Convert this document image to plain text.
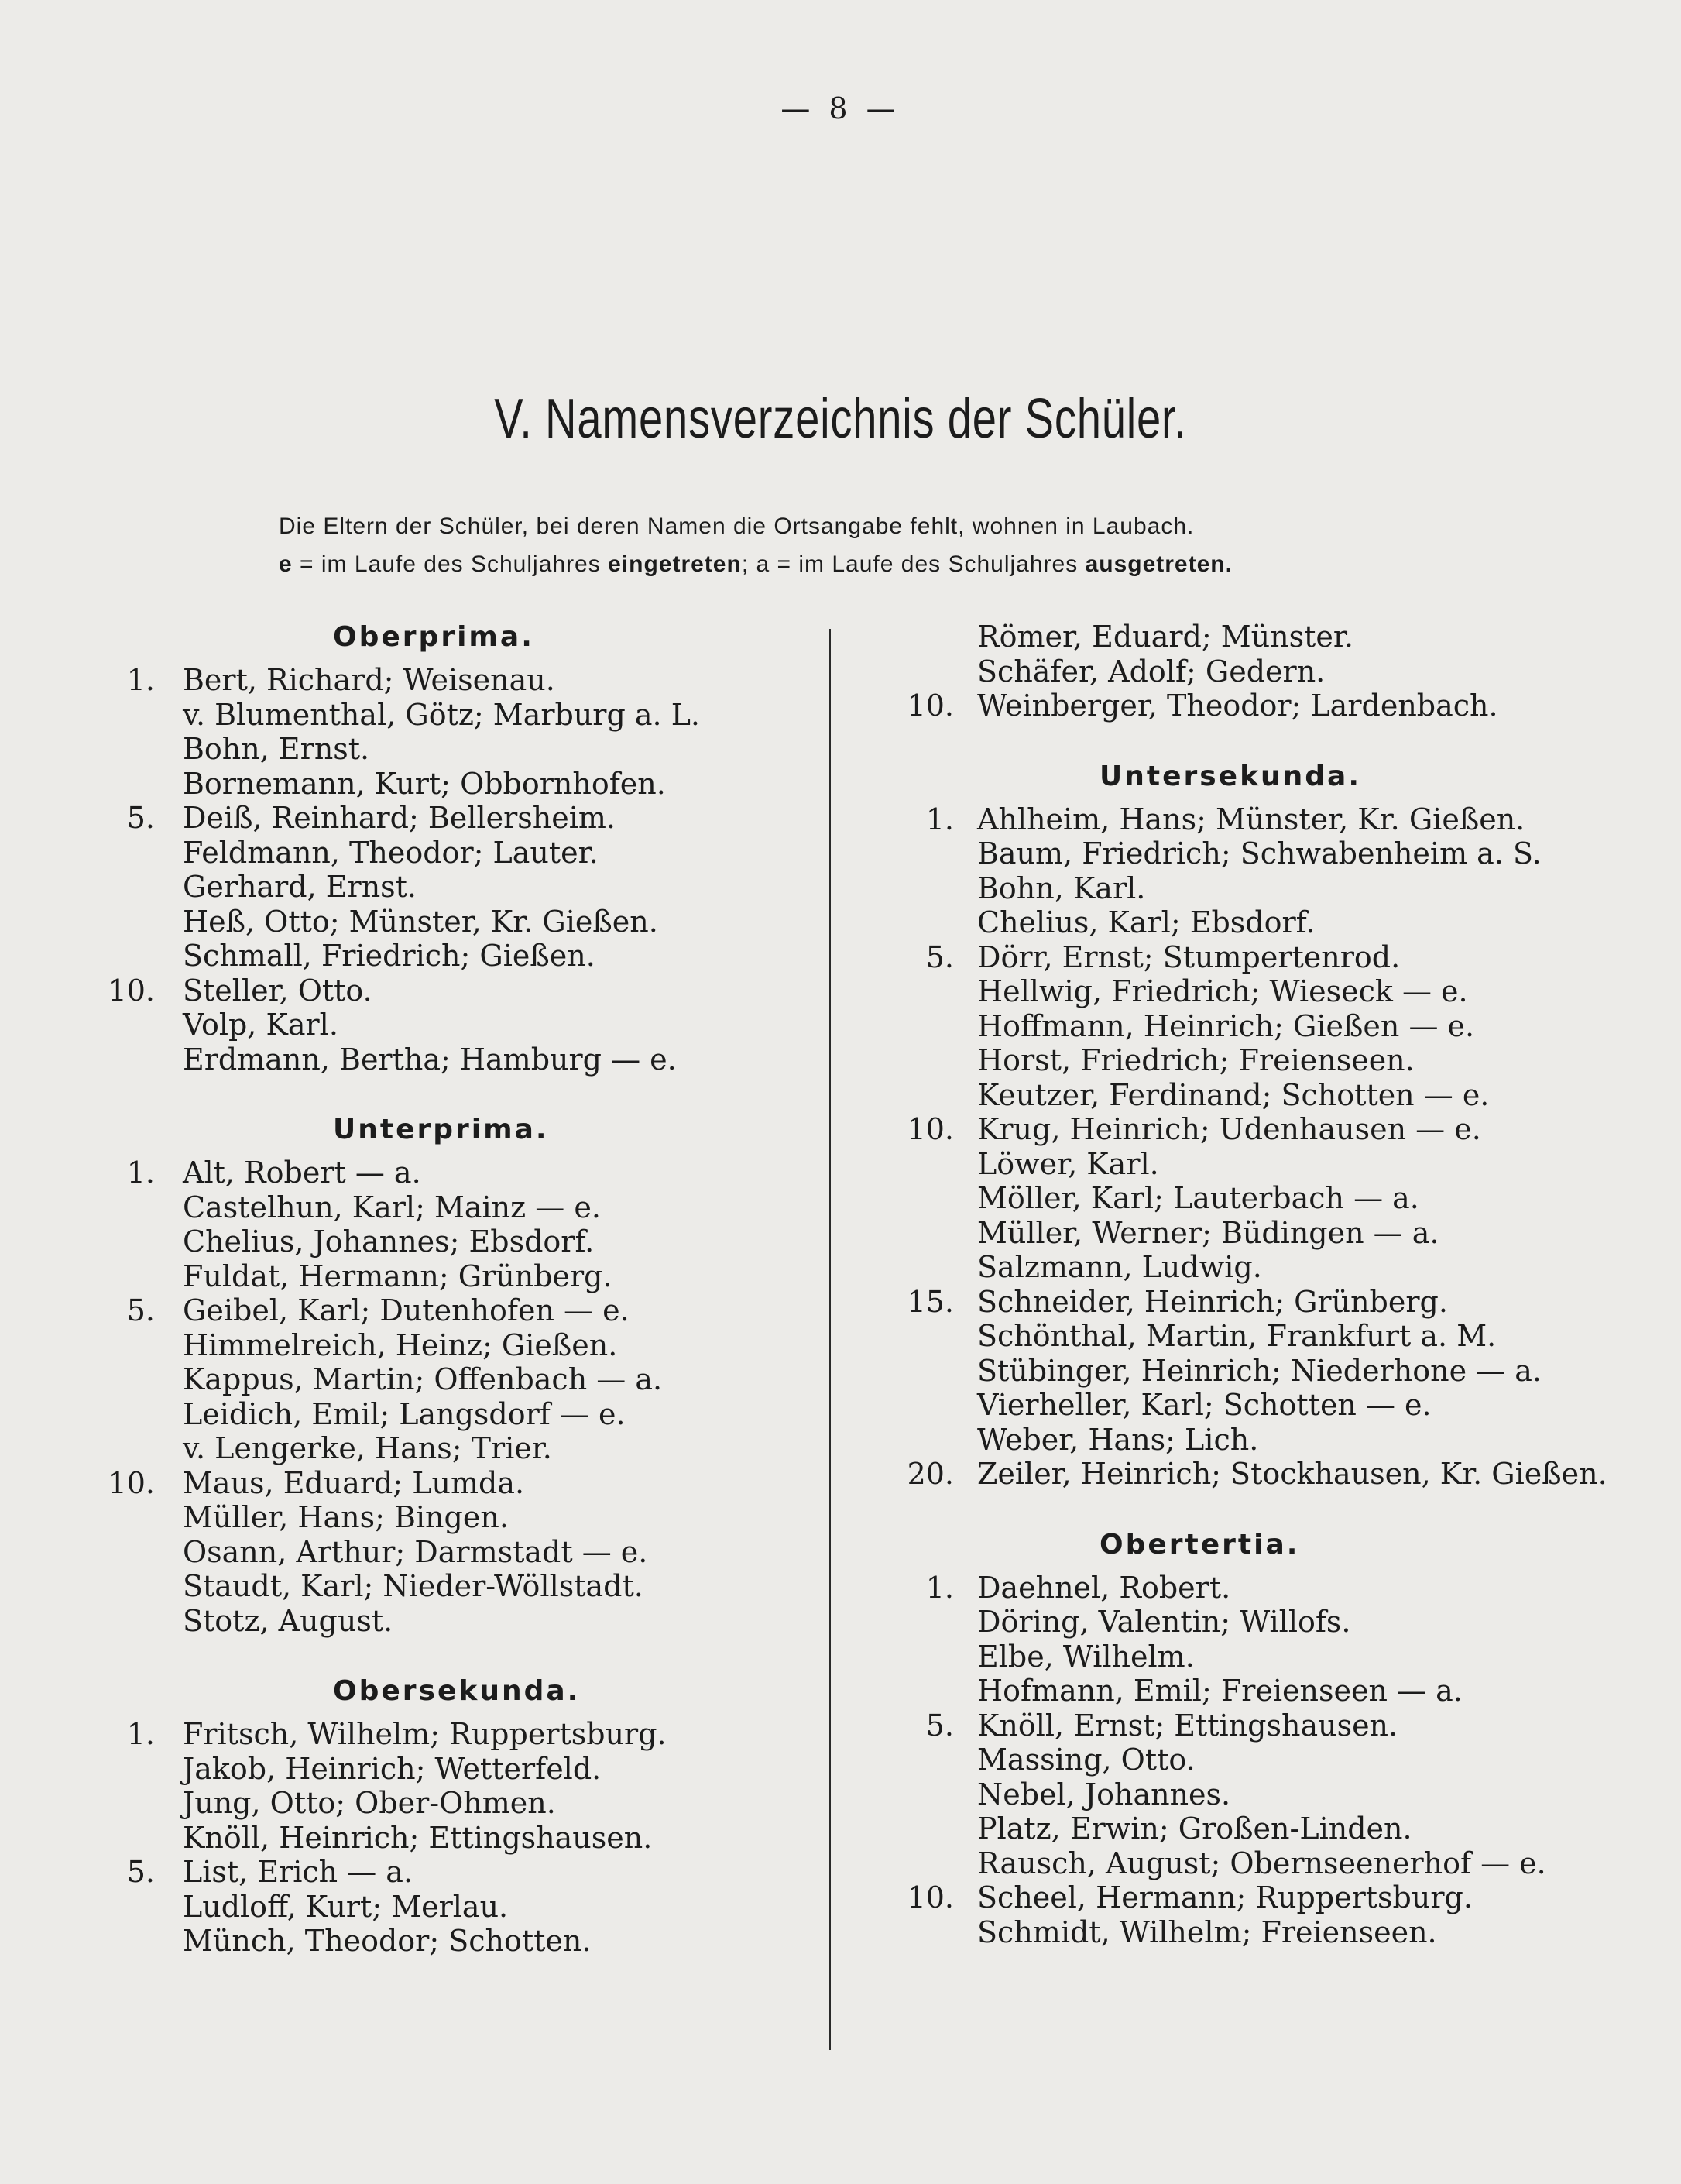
— 8 —
V. Namensverzeichnis der Schüler.
Die Eltern der Schüler, bei deren Namen die Ortsangabe fehlt, wohnen in Laubach.
e = im Laufe des Schuljahres eingetreten; a = im Laufe des Schuljahres ausgetreten.
Oberprima.
1. Bert, Richard; Weisenau.
v. Blumenthal, Götz; Marburg a. L.
Bohn, Ernst.
Bornemann, Kurt; Obbornhofen.
5. Deiß, Reinhard; Bellersheim.
Feldmann, Theodor; Lauter.
Gerhard, Ernst.
Heß, Otto; Münster, Kr. Gießen.
Schmall, Friedrich; Gießen.
10. Steller, Otto.
Volp, Karl.
Erdmann, Bertha; Hamburg — e.
Unterprima.
1. Alt, Robert — a.
Castelhun, Karl; Mainz — e.
Chelius, Johannes; Ebsdorf.
Fuldat, Hermann; Grünberg.
5. Geibel, Karl; Dutenhofen — e.
Himmelreich, Heinz; Gießen.
Kappus, Martin; Offenbach — a.
Leidich, Emil; Langsdorf — e.
v. Lengerke, Hans; Trier.
10. Maus, Eduard; Lumda.
Müller, Hans; Bingen.
Osann, Arthur; Darmstadt — e.
Staudt, Karl; Nieder-Wöllstadt.
Stotz, August.
Obersekunda.
1. Fritsch, Wilhelm; Ruppertsburg.
Jakob, Heinrich; Wetterfeld.
Jung, Otto; Ober-Ohmen.
Knöll, Heinrich; Ettingshausen.
5. List, Erich — a.
Ludloff, Kurt; Merlau.
Münch, Theodor; Schotten.
Römer, Eduard; Münster.
Schäfer, Adolf; Gedern.
10. Weinberger, Theodor; Lardenbach.
Untersekunda.
1. Ahlheim, Hans; Münster, Kr. Gießen.
Baum, Friedrich; Schwabenheim a. S.
Bohn, Karl.
Chelius, Karl; Ebsdorf.
5. Dörr, Ernst; Stumpertenrod.
Hellwig, Friedrich; Wieseck — e.
Hoffmann, Heinrich; Gießen — e.
Horst, Friedrich; Freienseen.
Keutzer, Ferdinand; Schotten — e.
10. Krug, Heinrich; Udenhausen — e.
Löwer, Karl.
Möller, Karl; Lauterbach — a.
Müller, Werner; Büdingen — a.
Salzmann, Ludwig.
15. Schneider, Heinrich; Grünberg.
Schönthal, Martin, Frankfurt a. M.
Stübinger, Heinrich; Niederhone — a.
Vierheller, Karl; Schotten — e.
Weber, Hans; Lich.
20. Zeiler, Heinrich; Stockhausen, Kr. Gießen.
Obertertia.
1. Daehnel, Robert.
Döring, Valentin; Willofs.
Elbe, Wilhelm.
Hofmann, Emil; Freienseen — a.
5. Knöll, Ernst; Ettingshausen.
Massing, Otto.
Nebel, Johannes.
Platz, Erwin; Großen-Linden.
Rausch, August; Obernseenerhof — e.
10. Scheel, Hermann; Ruppertsburg.
Schmidt, Wilhelm; Freienseen.
